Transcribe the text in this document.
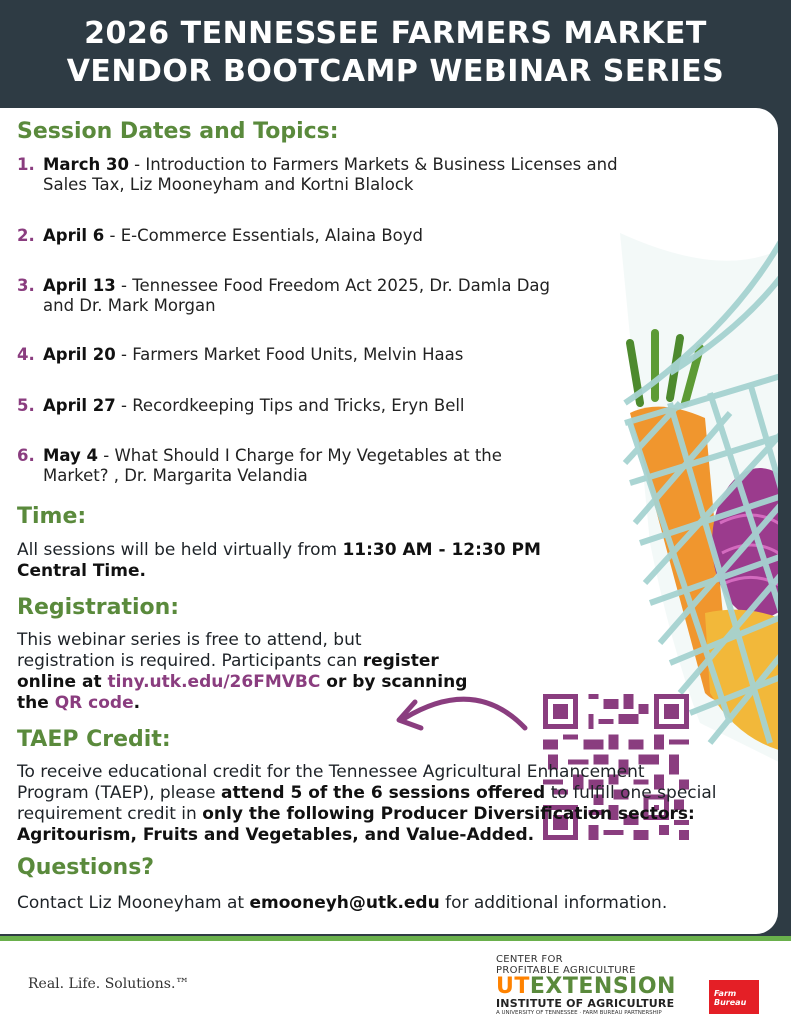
2026 TENNESSEE FARMERS MARKET
VENDOR BOOTCAMP WEBINAR SERIES
Session Dates and Topics:
1. March 30 - Introduction to Farmers Markets & Business Licenses and
Sales Tax, Liz Mooneyham and Kortni Blalock
2. April 6 - E-Commerce Essentials, Alaina Boyd
3. April 13 - Tennessee Food Freedom Act 2025, Dr. Damla Dag
and Dr. Mark Morgan
4. April 20 - Farmers Market Food Units, Melvin Haas
5. April 27 - Recordkeeping Tips and Tricks, Eryn Bell
6. May 4 - What Should I Charge for My Vegetables at the
Market? , Dr. Margarita Velandia
Time:
All sessions will be held virtually from 11:30 AM - 12:30 PM
Central Time.
Registration:
This webinar series is free to attend, but
registration is required. Participants can register
online at tiny.utk.edu/26FMVBC or by scanning
the QR code.
TAEP Credit:
To receive educational credit for the Tennessee Agricultural Enhancement
Program (TAEP), please attend 5 of the 6 sessions offered to fulfill one special
requirement credit in only the following Producer Diversification sectors:
Agritourism, Fruits and Vegetables, and Value-Added.
Questions?
Contact Liz Mooneyham at emooneyh@utk.edu for additional information.
Real. Life. Solutions.™
CENTER FOR
PROFITABLE AGRICULTURE
UTEXTENSION
INSTITUTE OF AGRICULTURE
A UNIVERSITY OF TENNESSEE · FARM BUREAU PARTNERSHIP
Farm Bureau
